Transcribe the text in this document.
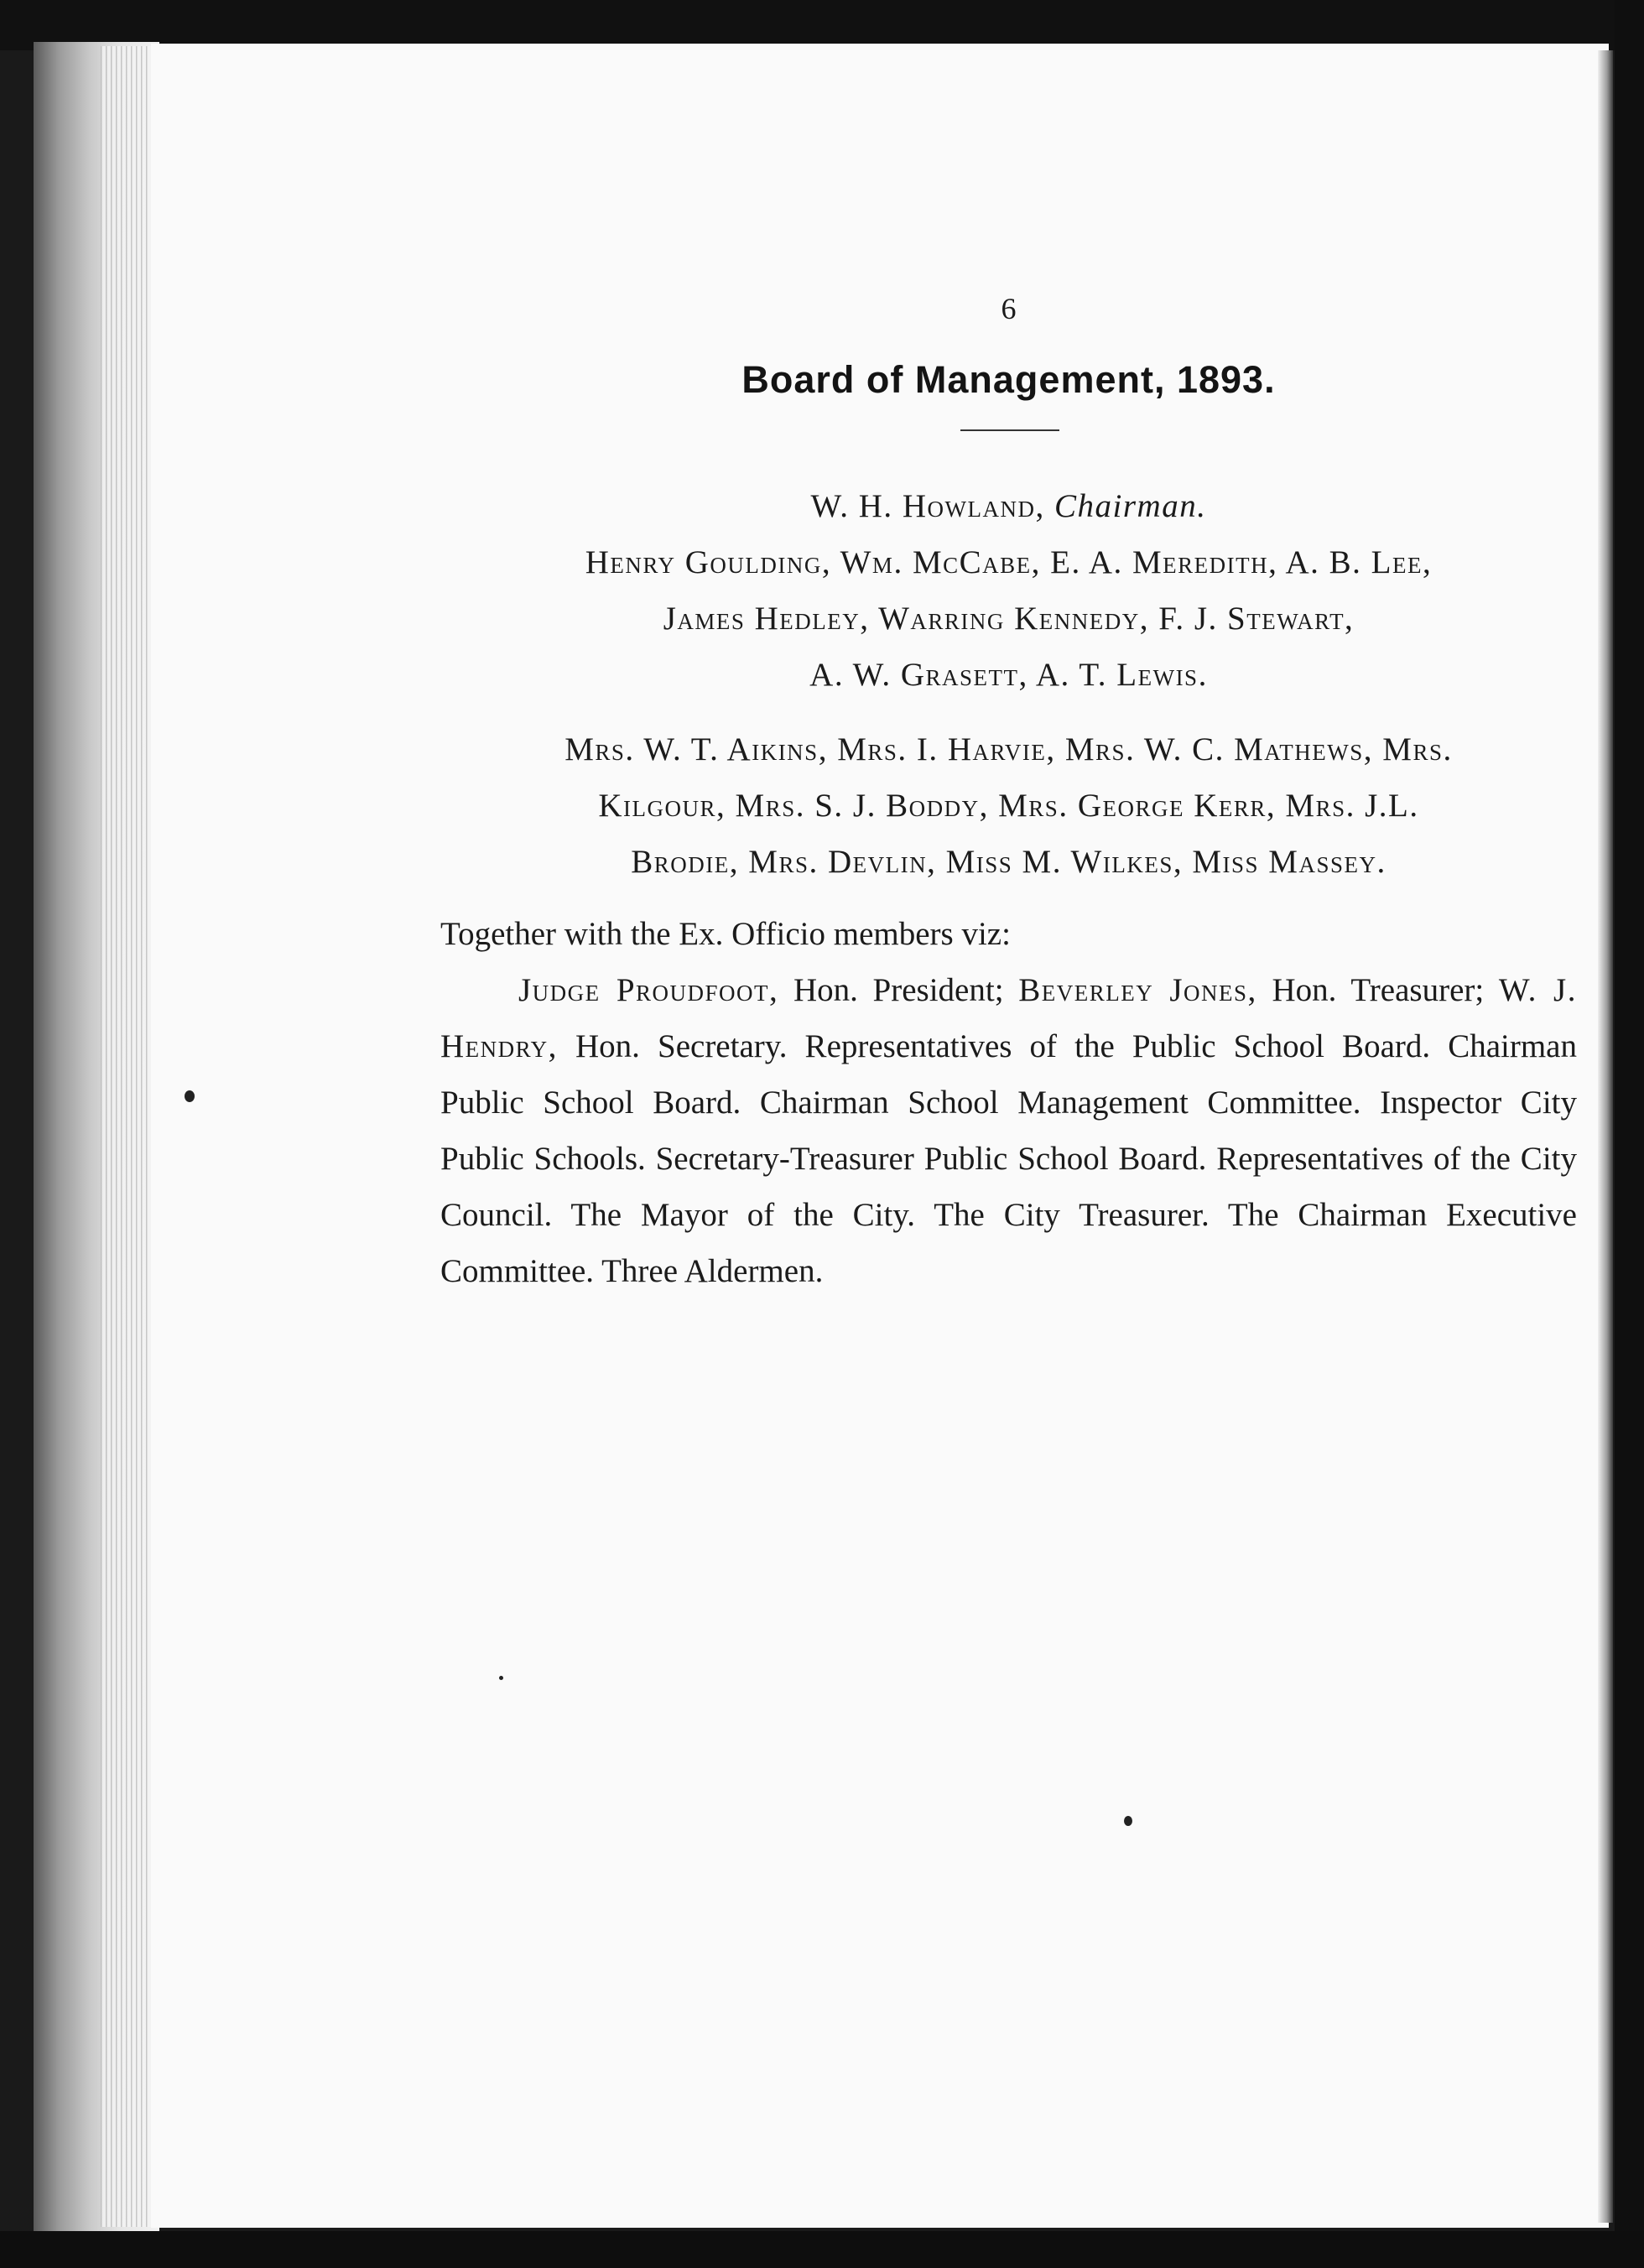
6
Board of Management, 1893.
W. H. Howland, Chairman.
Henry Goulding, Wm. McCabe, E. A. Meredith, A. B. Lee,
James Hedley, Warring Kennedy, F. J. Stewart,
A. W. Grasett, A. T. Lewis.
Mrs. W. T. Aikins, Mrs. I. Harvie, Mrs. W. C. Mathews, Mrs.
Kilgour, Mrs. S. J. Boddy, Mrs. George Kerr, Mrs. J.L.
Brodie, Mrs. Devlin, Miss M. Wilkes, Miss Massey.

Together with the Ex. Officio members viz:

Judge Proudfoot, Hon. President; Beverley Jones, Hon. Treasurer; W. J. Hendry, Hon. Secretary. Representatives of the Public School Board. Chairman Public School Board. Chairman School Management Committee. Inspector City Public Schools. Secretary-Treasurer Public School Board. Representatives of the City Council. The Mayor of the City. The City Treasurer. The Chairman Executive Committee. Three Aldermen.
